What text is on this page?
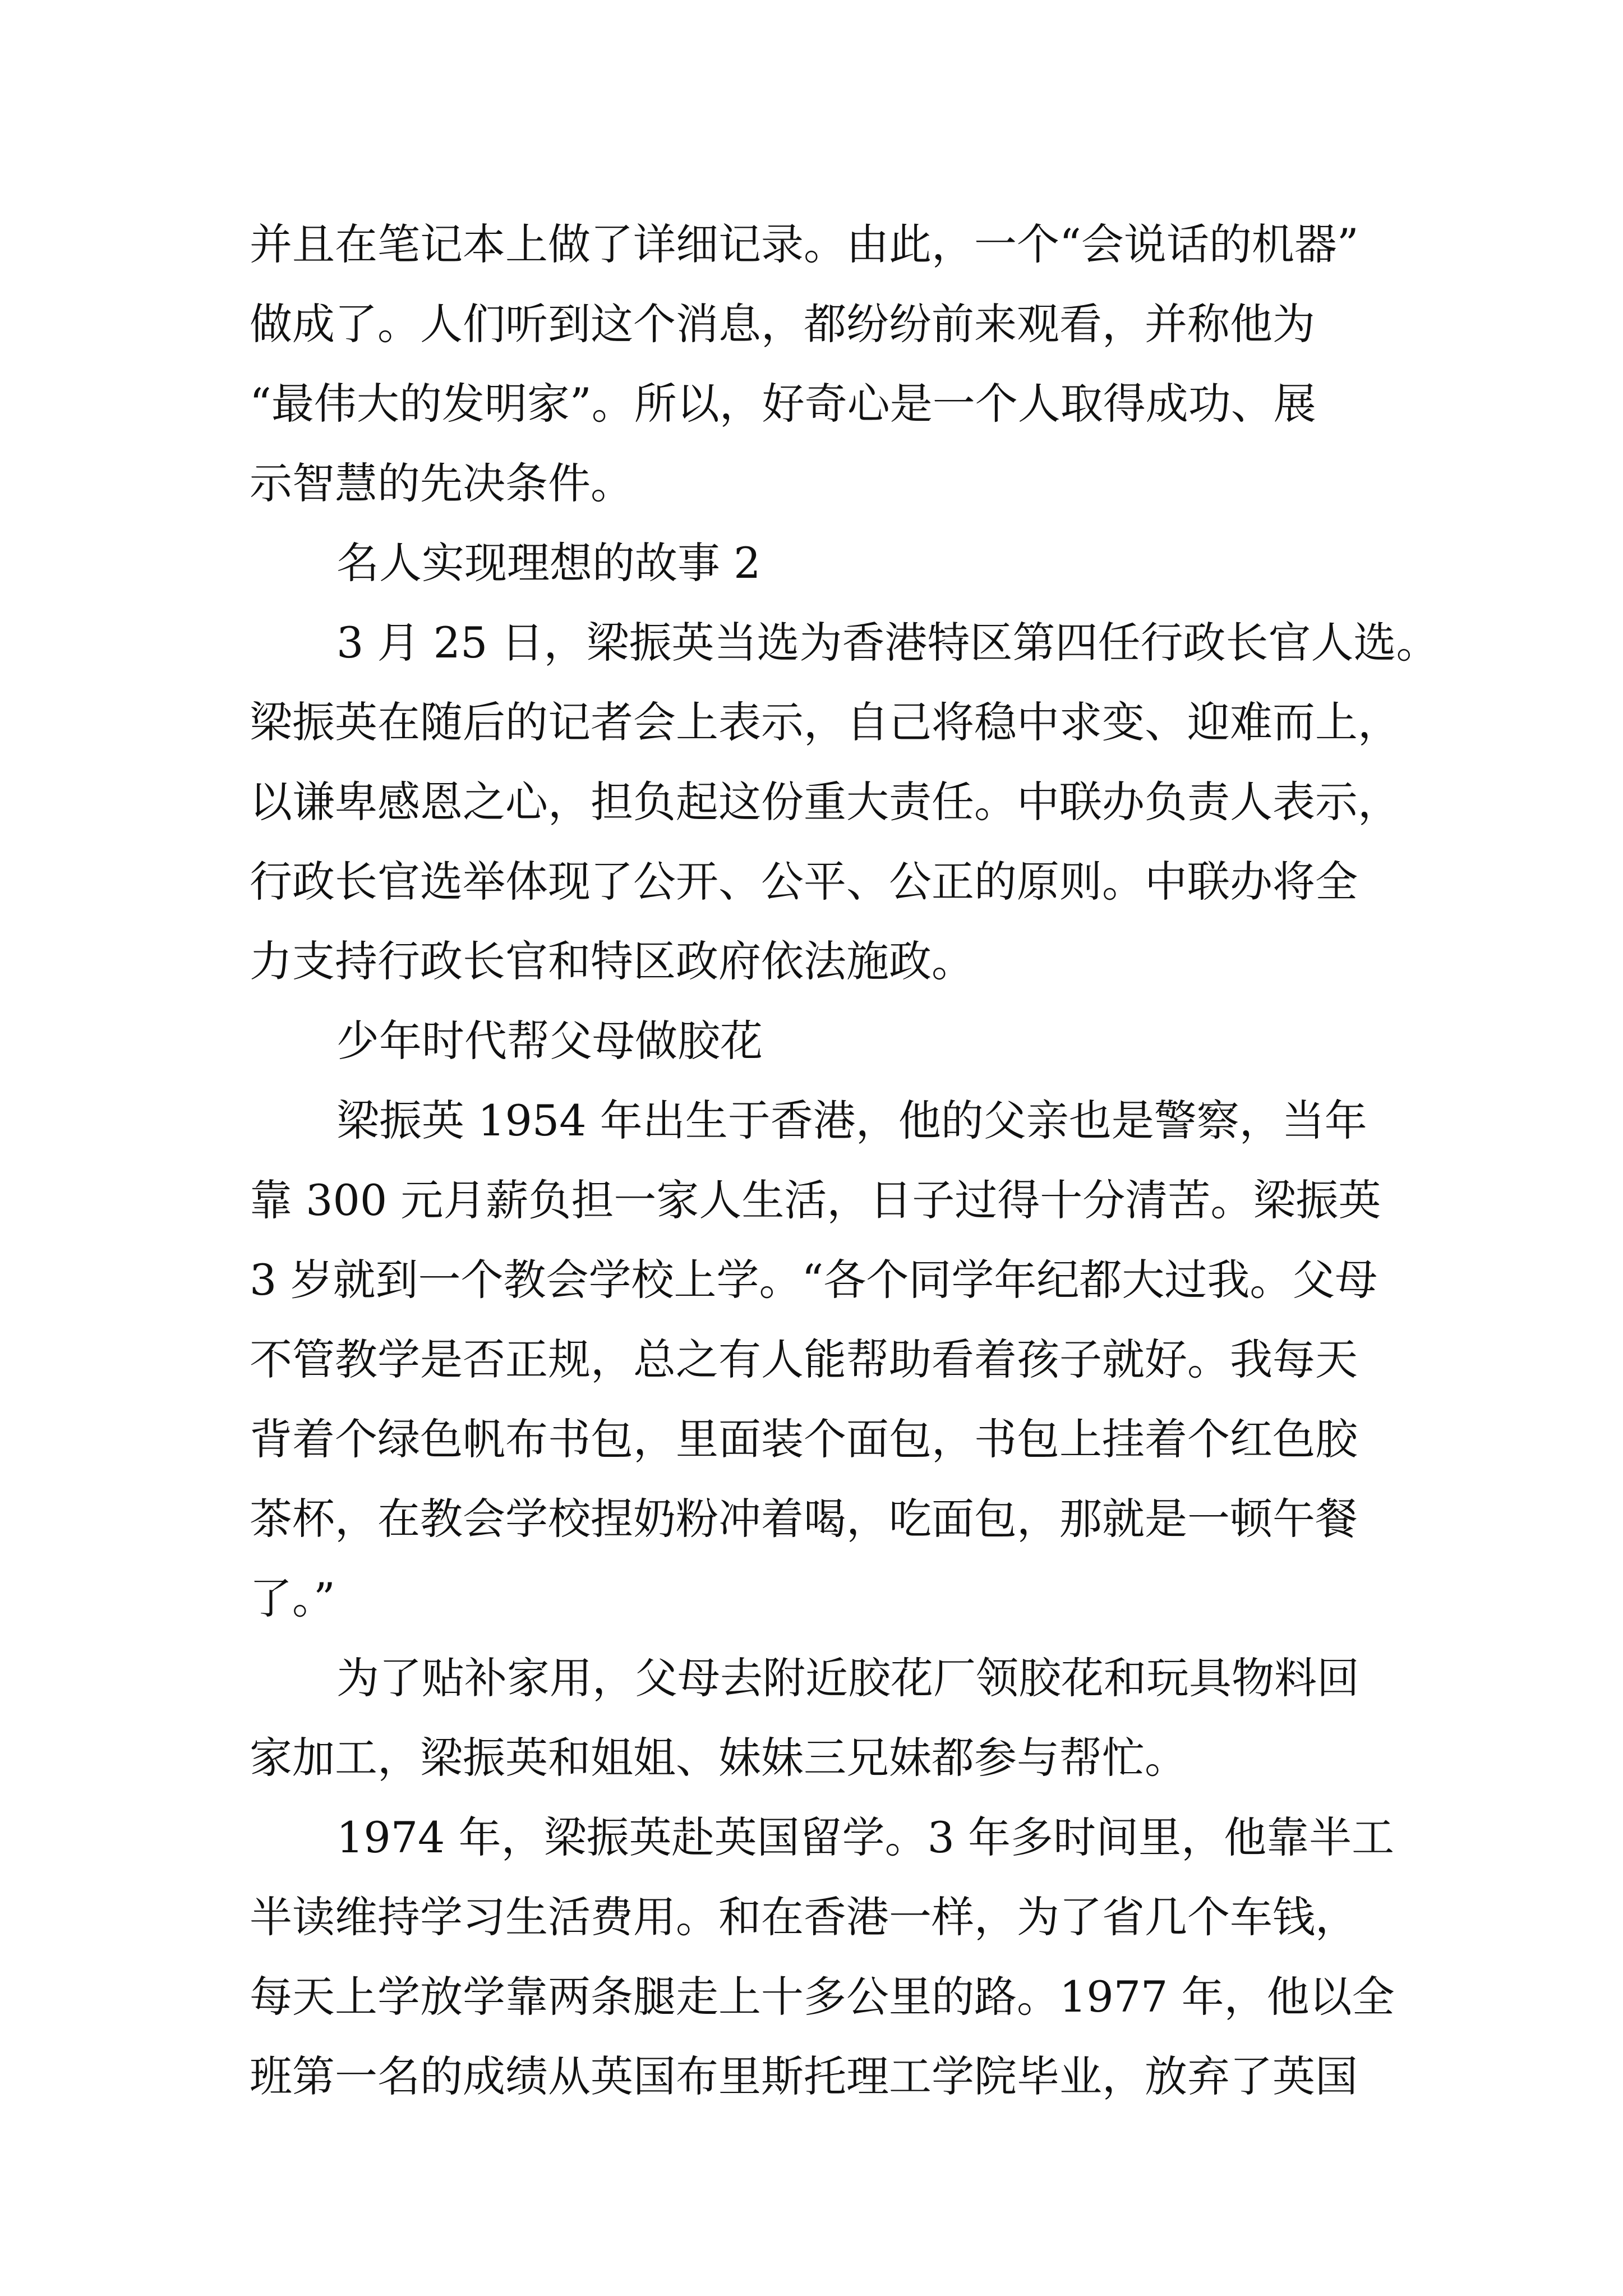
并且在笔记本上做了详细记录。由此，一个“会说话的机器”
做成了。人们听到这个消息，都纷纷前来观看，并称他为
“最伟大的发明家”。所以，好奇心是一个人取得成功、展
示智慧的先决条件。
名人实现理想的故事 2
3 月 25 日，梁振英当选为香港特区第四任行政长官人选。
梁振英在随后的记者会上表示，自己将稳中求变、迎难而上，
以谦卑感恩之心，担负起这份重大责任。中联办负责人表示，
行政长官选举体现了公开、公平、公正的原则。中联办将全
力支持行政长官和特区政府依法施政。
少年时代帮父母做胶花
梁振英 1954 年出生于香港，他的父亲也是警察，当年
靠 300 元月薪负担一家人生活，日子过得十分清苦。梁振英
3 岁就到一个教会学校上学。“各个同学年纪都大过我。父母
不管教学是否正规，总之有人能帮助看着孩子就好。我每天
背着个绿色帆布书包，里面装个面包，书包上挂着个红色胶
茶杯，在教会学校捏奶粉冲着喝，吃面包，那就是一顿午餐
了。”
为了贴补家用，父母去附近胶花厂领胶花和玩具物料回
家加工，梁振英和姐姐、妹妹三兄妹都参与帮忙。
1974 年，梁振英赴英国留学。3 年多时间里，他靠半工
半读维持学习生活费用。和在香港一样，为了省几个车钱，
每天上学放学靠两条腿走上十多公里的路。1977 年，他以全
班第一名的成绩从英国布里斯托理工学院毕业，放弃了英国
